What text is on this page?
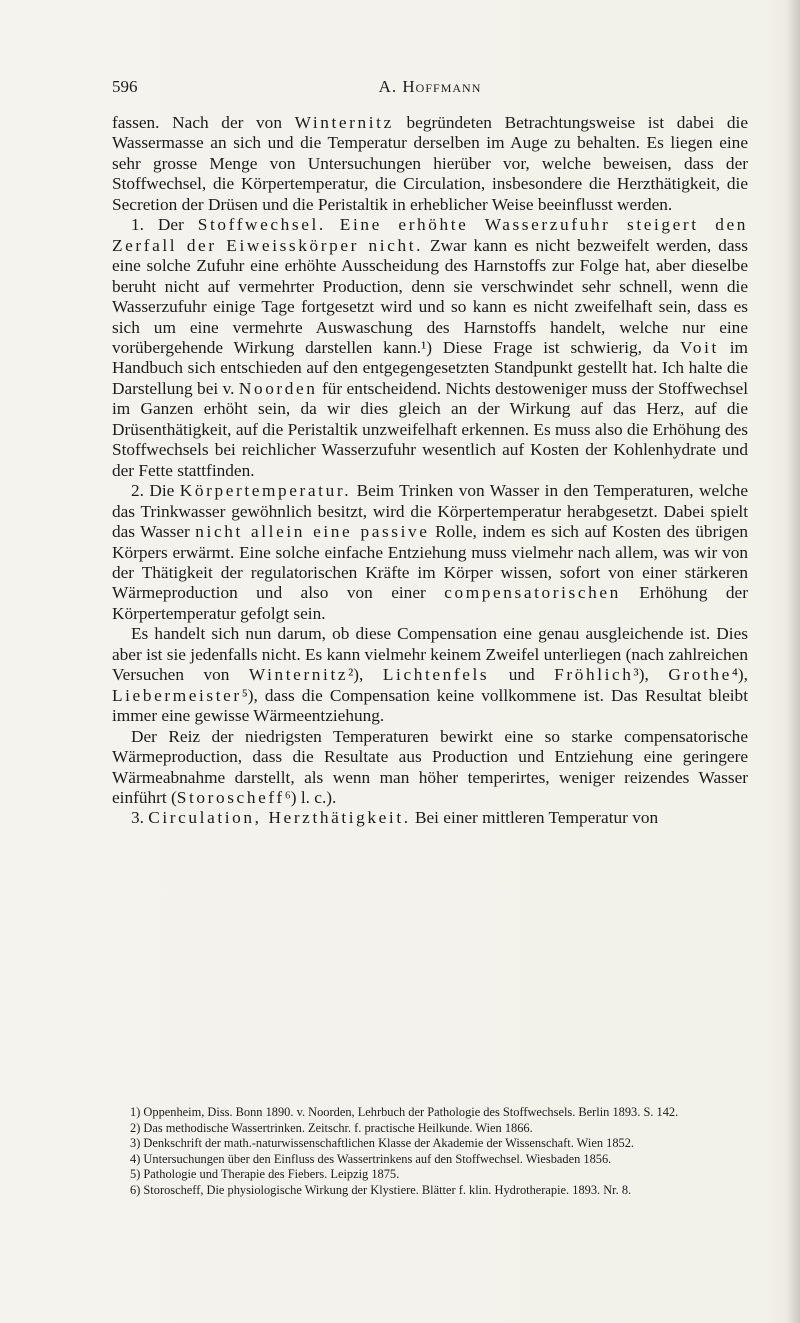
596	A. Hoffmann

fassen. Nach der von Winternitz begründeten Betrachtungsweise ist dabei die Wassermasse an sich und die Temperatur derselben im Auge zu behalten. Es liegen eine sehr grosse Menge von Untersuchungen hierüber vor, welche beweisen, dass der Stoffwechsel, die Körpertemperatur, die Circulation, insbesondere die Herzthätigkeit, die Secretion der Drüsen und die Peristaltik in erheblicher Weise beeinflusst werden.

1. Der Stoffwechsel. Eine erhöhte Wasserzufuhr steigert den Zerfall der Eiweisskörper nicht. Zwar kann es nicht bezweifelt werden, dass eine solche Zufuhr eine erhöhte Ausscheidung des Harnstoffs zur Folge hat, aber dieselbe beruht nicht auf vermehrter Production, denn sie verschwindet sehr schnell, wenn die Wasserzufuhr einige Tage fortgesetzt wird und so kann es nicht zweifelhaft sein, dass es sich um eine vermehrte Auswaschung des Harnstoffs handelt, welche nur eine vorübergehende Wirkung darstellen kann.¹) Diese Frage ist schwierig, da Voit im Handbuch sich entschieden auf den entgegengesetzten Standpunkt gestellt hat. Ich halte die Darstellung bei v. Noorden für entscheidend. Nichts destoweniger muss der Stoffwechsel im Ganzen erhöht sein, da wir dies gleich an der Wirkung auf das Herz, auf die Drüsenthätigkeit, auf die Peristaltik unzweifelhaft erkennen. Es muss also die Erhöhung des Stoffwechsels bei reichlicher Wasserzufuhr wesentlich auf Kosten der Kohlenhydrate und der Fette stattfinden.

2. Die Körpertemperatur. Beim Trinken von Wasser in den Temperaturen, welche das Trinkwasser gewöhnlich besitzt, wird die Körpertemperatur herabgesetzt. Dabei spielt das Wasser nicht allein eine passive Rolle, indem es sich auf Kosten des übrigen Körpers erwärmt. Eine solche einfache Entziehung muss vielmehr nach allem, was wir von der Thätigkeit der regulatorischen Kräfte im Körper wissen, sofort von einer stärkeren Wärmeproduction und also von einer compensatorischen Erhöhung der Körpertemperatur gefolgt sein.

Es handelt sich nun darum, ob diese Compensation eine genau ausgleichende ist. Dies aber ist sie jedenfalls nicht. Es kann vielmehr keinem Zweifel unterliegen (nach zahlreichen Versuchen von Winternitz²), Lichtenfels und Fröhlich³), Grothe⁴), Liebermeister⁵), dass die Compensation keine vollkommene ist. Das Resultat bleibt immer eine gewisse Wärmeentziehung.

Der Reiz der niedrigsten Temperaturen bewirkt eine so starke compensatorische Wärmeproduction, dass die Resultate aus Production und Entziehung eine geringere Wärmeabnahme darstellt, als wenn man höher temperirtes, weniger reizendes Wasser einführt (Storoscheff⁶) l. c.).

3. Circulation, Herzthätigkeit. Bei einer mittleren Temperatur von

1) Oppenheim, Diss. Bonn 1890. v. Noorden, Lehrbuch der Pathologie des Stoffwechsels. Berlin 1893. S. 142.

2) Das methodische Wassertrinken. Zeitschr. f. practische Heilkunde. Wien 1866.

3) Denkschrift der math.-naturwissenschaftlichen Klasse der Akademie der Wissenschaft. Wien 1852.

4) Untersuchungen über den Einfluss des Wassertrinkens auf den Stoffwechsel. Wiesbaden 1856.

5) Pathologie und Therapie des Fiebers. Leipzig 1875.

6) Storoscheff, Die physiologische Wirkung der Klystiere. Blätter f. klin. Hydrotherapie. 1893. Nr. 8.
